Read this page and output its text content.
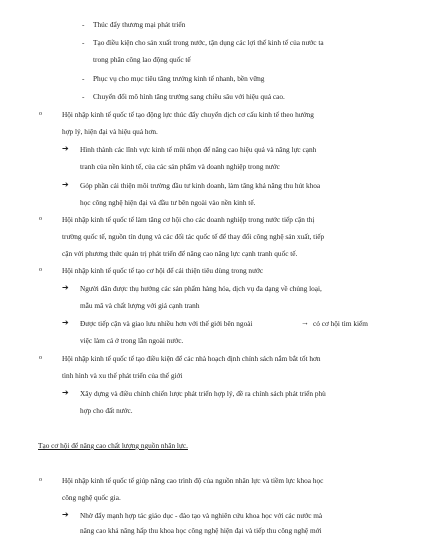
- Thúc đẩy thương mại phát triển
- Tạo điều kiện cho sản xuất trong nước, tận dụng các lợi thế kinh tế của nước ta
trong phân công lao động quốc tế
- Phục vụ cho mục tiêu tăng trưởng kinh tế nhanh, bền vững
- Chuyển đổi mô hình tăng trưởng sang chiều sâu với hiệu quả cao.
o	Hội nhập kinh tế quốc tế tạo động lực thúc đẩy chuyển dịch cơ cấu kinh tế theo hướng
hợp lý, hiện đại và hiệu quả hơn.
➔ Hình thành các lĩnh vực kinh tế mũi nhọn để nâng cao hiệu quả và năng lực cạnh
tranh của nền kinh tế, của các sản phẩm và doanh nghiệp trong nước
➔ Góp phần cải thiện môi trường đầu tư kinh doanh, làm tăng khả năng thu hút khoa
học công nghệ hiện đại và đầu tư bên ngoài vào nền kinh tế.
o	Hội nhập kinh tế quốc tế làm tăng cơ hội cho các doanh nghiệp trong nước tiếp cận thị
trường quốc tế, nguồn tín dụng và các đối tác quốc tế để thay đổi công nghệ sản xuất, tiếp
cận với phương thức quản trị phát triển để nâng cao năng lực cạnh tranh quốc tế.
o	Hội nhập kinh tế quốc tế tạo cơ hội để cải thiện tiêu dùng trong nước
➔ Người dân được thụ hưởng các sản phẩm hàng hóa, dịch vụ đa dạng về chủng loại,
mẫu mã và chất lượng với giá cạnh tranh
➔ Được tiếp cận và giao lưu nhiều hơn với thế giới bên ngoài	→ có cơ hội tìm kiếm
việc làm cả ở trong lẫn ngoài nước.
o	Hội nhập kinh tế quốc tế tạo điều kiện để các nhà hoạch định chính sách nắm bắt tốt hơn
tình hình và xu thế phát triển của thế giới
➔ Xây dựng và điều chỉnh chiến lược phát triển hợp lý, đề ra chính sách phát triển phù
hợp cho đất nước.
Tạo cơ hội để nâng cao chất lượng nguồn nhân lực.
o	Hội nhập kinh tế quốc tế giúp nâng cao trình độ của nguồn nhân lực và tiềm lực khoa học
công nghệ quốc gia.
➔ Nhờ đẩy mạnh hợp tác giáo dục - đào tạo và nghiên cứu khoa học với các nước mà
nâng cao khả năng hấp thu khoa học công nghệ hiện đại và tiếp thu công nghệ mới
